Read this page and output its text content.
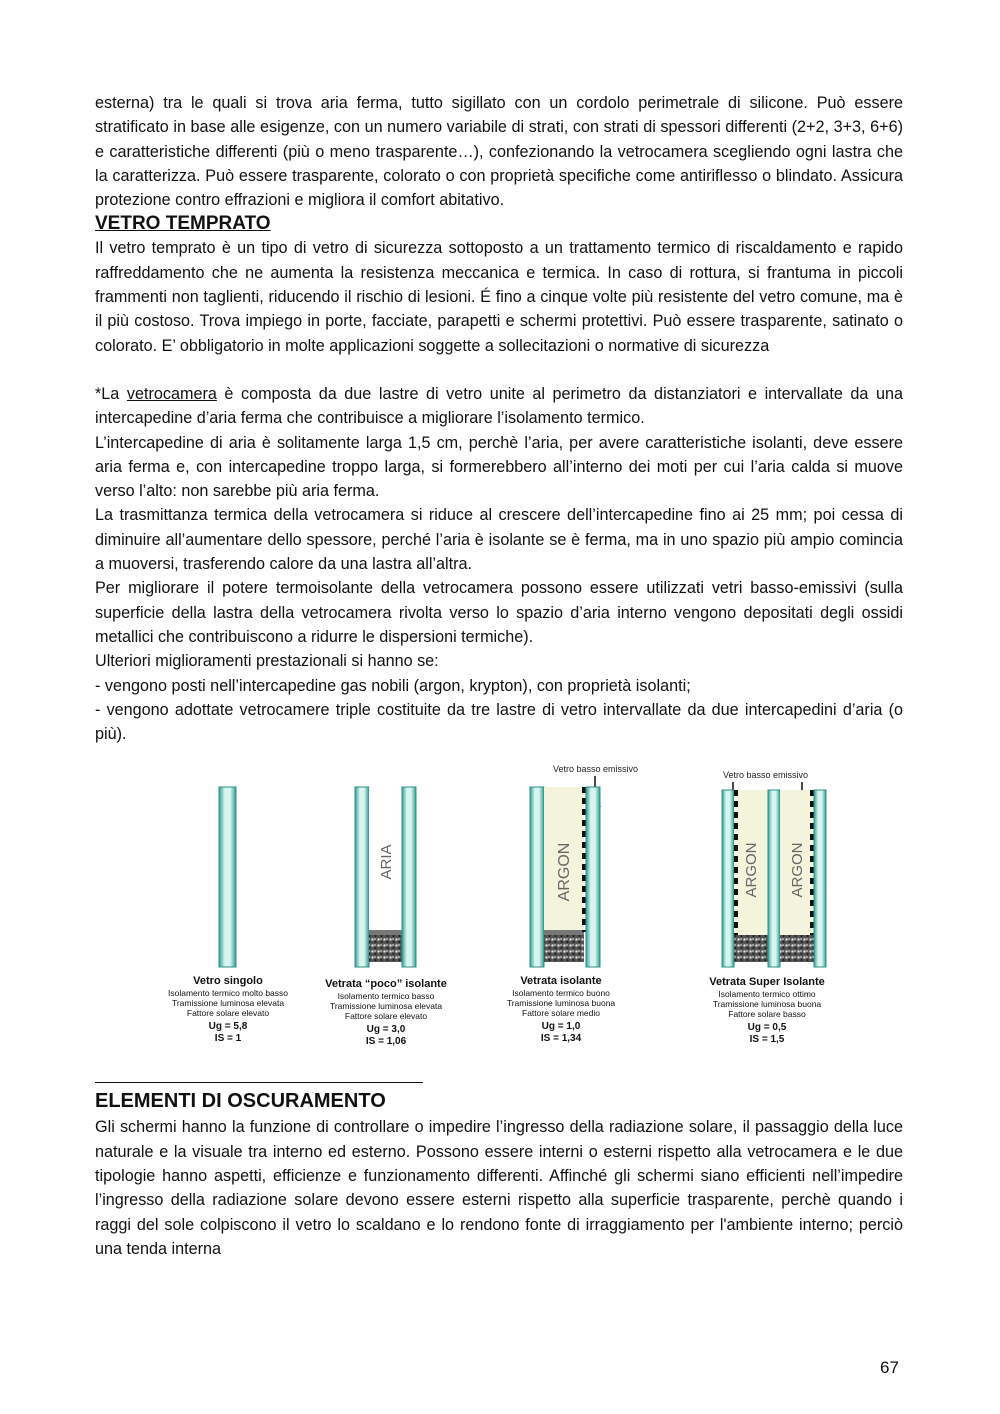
esterna) tra le quali si trova aria ferma, tutto sigillato con un cordolo perimetrale di silicone. Può essere stratificato in base alle esigenze, con un numero variabile di strati, con strati di spessori differenti (2+2, 3+3, 6+6) e caratteristiche differenti (più o meno trasparente…), confezionando la vetrocamera scegliendo ogni lastra che la caratterizza. Può essere trasparente, colorato o con proprietà specifiche come antiriflesso o blindato. Assicura protezione contro effrazioni e migliora il comfort abitativo.

VETRO TEMPRATO

Il vetro temprato è un tipo di vetro di sicurezza sottoposto a un trattamento termico di riscaldamento e rapido raffreddamento che ne aumenta la resistenza meccanica e termica. In caso di rottura, si frantuma in piccoli frammenti non taglienti, riducendo il rischio di lesioni. É fino a cinque volte più resistente del vetro comune, ma è il più costoso. Trova impiego in porte, facciate, parapetti e schermi protettivi. Può essere trasparente, satinato o colorato. E’ obbligatorio in molte applicazioni soggette a sollecitazioni o normative di sicurezza

*La vetrocamera è composta da due lastre di vetro unite al perimetro da distanziatori e intervallate da una intercapedine d’aria ferma che contribuisce a migliorare l’isolamento termico.

L’intercapedine di aria è solitamente larga 1,5 cm, perchè l’aria, per avere caratteristiche isolanti, deve essere aria ferma e, con intercapedine troppo larga, si formerebbero all’interno dei moti per cui l’aria calda si muove verso l’alto: non sarebbe più aria ferma.

La trasmittanza termica della vetrocamera si riduce al crescere dell’intercapedine fino ai 25 mm; poi cessa di diminuire all’aumentare dello spessore, perché l’aria è isolante se è ferma, ma in uno spazio più ampio comincia a muoversi, trasferendo calore da una lastra all’altra.

Per migliorare il potere termoisolante della vetrocamera possono essere utilizzati vetri basso-emissivi (sulla superficie della lastra della vetrocamera rivolta verso lo spazio d’aria interno vengono depositati degli ossidi metallici che contribuiscono a ridurre le dispersioni termiche).

Ulteriori miglioramenti prestazionali si hanno se:

- vengono posti nell’intercapedine gas nobili (argon, krypton), con proprietà isolanti;

- vengono adottate vetrocamere triple costituite da tre lastre di vetro intervallate da due intercapedini d’aria (o più).

ARIA
Vetro basso emissivo
ARGON
Vetro basso emissivo
ARGON ARGON
Vetro singolo
Isolamento termico molto basso
Tramissione luminosa elevata
Fattore solare elevato
Ug = 5,8
IS = 1
Vetrata “poco” isolante
Isolamento termico basso
Tramissione luminosa elevata
Fattore solare elevato
Ug = 3,0
IS = 1,06
Vetrata isolante
Isolamento termico buono
Tramissione luminosa buona
Fattore solare medio
Ug = 1,0
IS = 1,34
Vetrata Super Isolante
Isolamento termico ottimo
Tramissione luminosa buona
Fattore solare basso
Ug = 0,5
IS = 1,5
ELEMENTI DI OSCURAMENTO

Gli schermi hanno la funzione di controllare o impedire l’ingresso della radiazione solare, il passaggio della luce naturale e la visuale tra interno ed esterno. Possono essere interni o esterni rispetto alla vetrocamera e le due tipologie hanno aspetti, efficienze e funzionamento differenti. Affinché gli schermi siano efficienti nell’impedire l’ingresso della radiazione solare devono essere esterni rispetto alla superficie trasparente, perchè quando i raggi del sole colpiscono il vetro lo scaldano e lo rendono fonte di irraggiamento per l'ambiente interno; perciò una tenda interna

67
